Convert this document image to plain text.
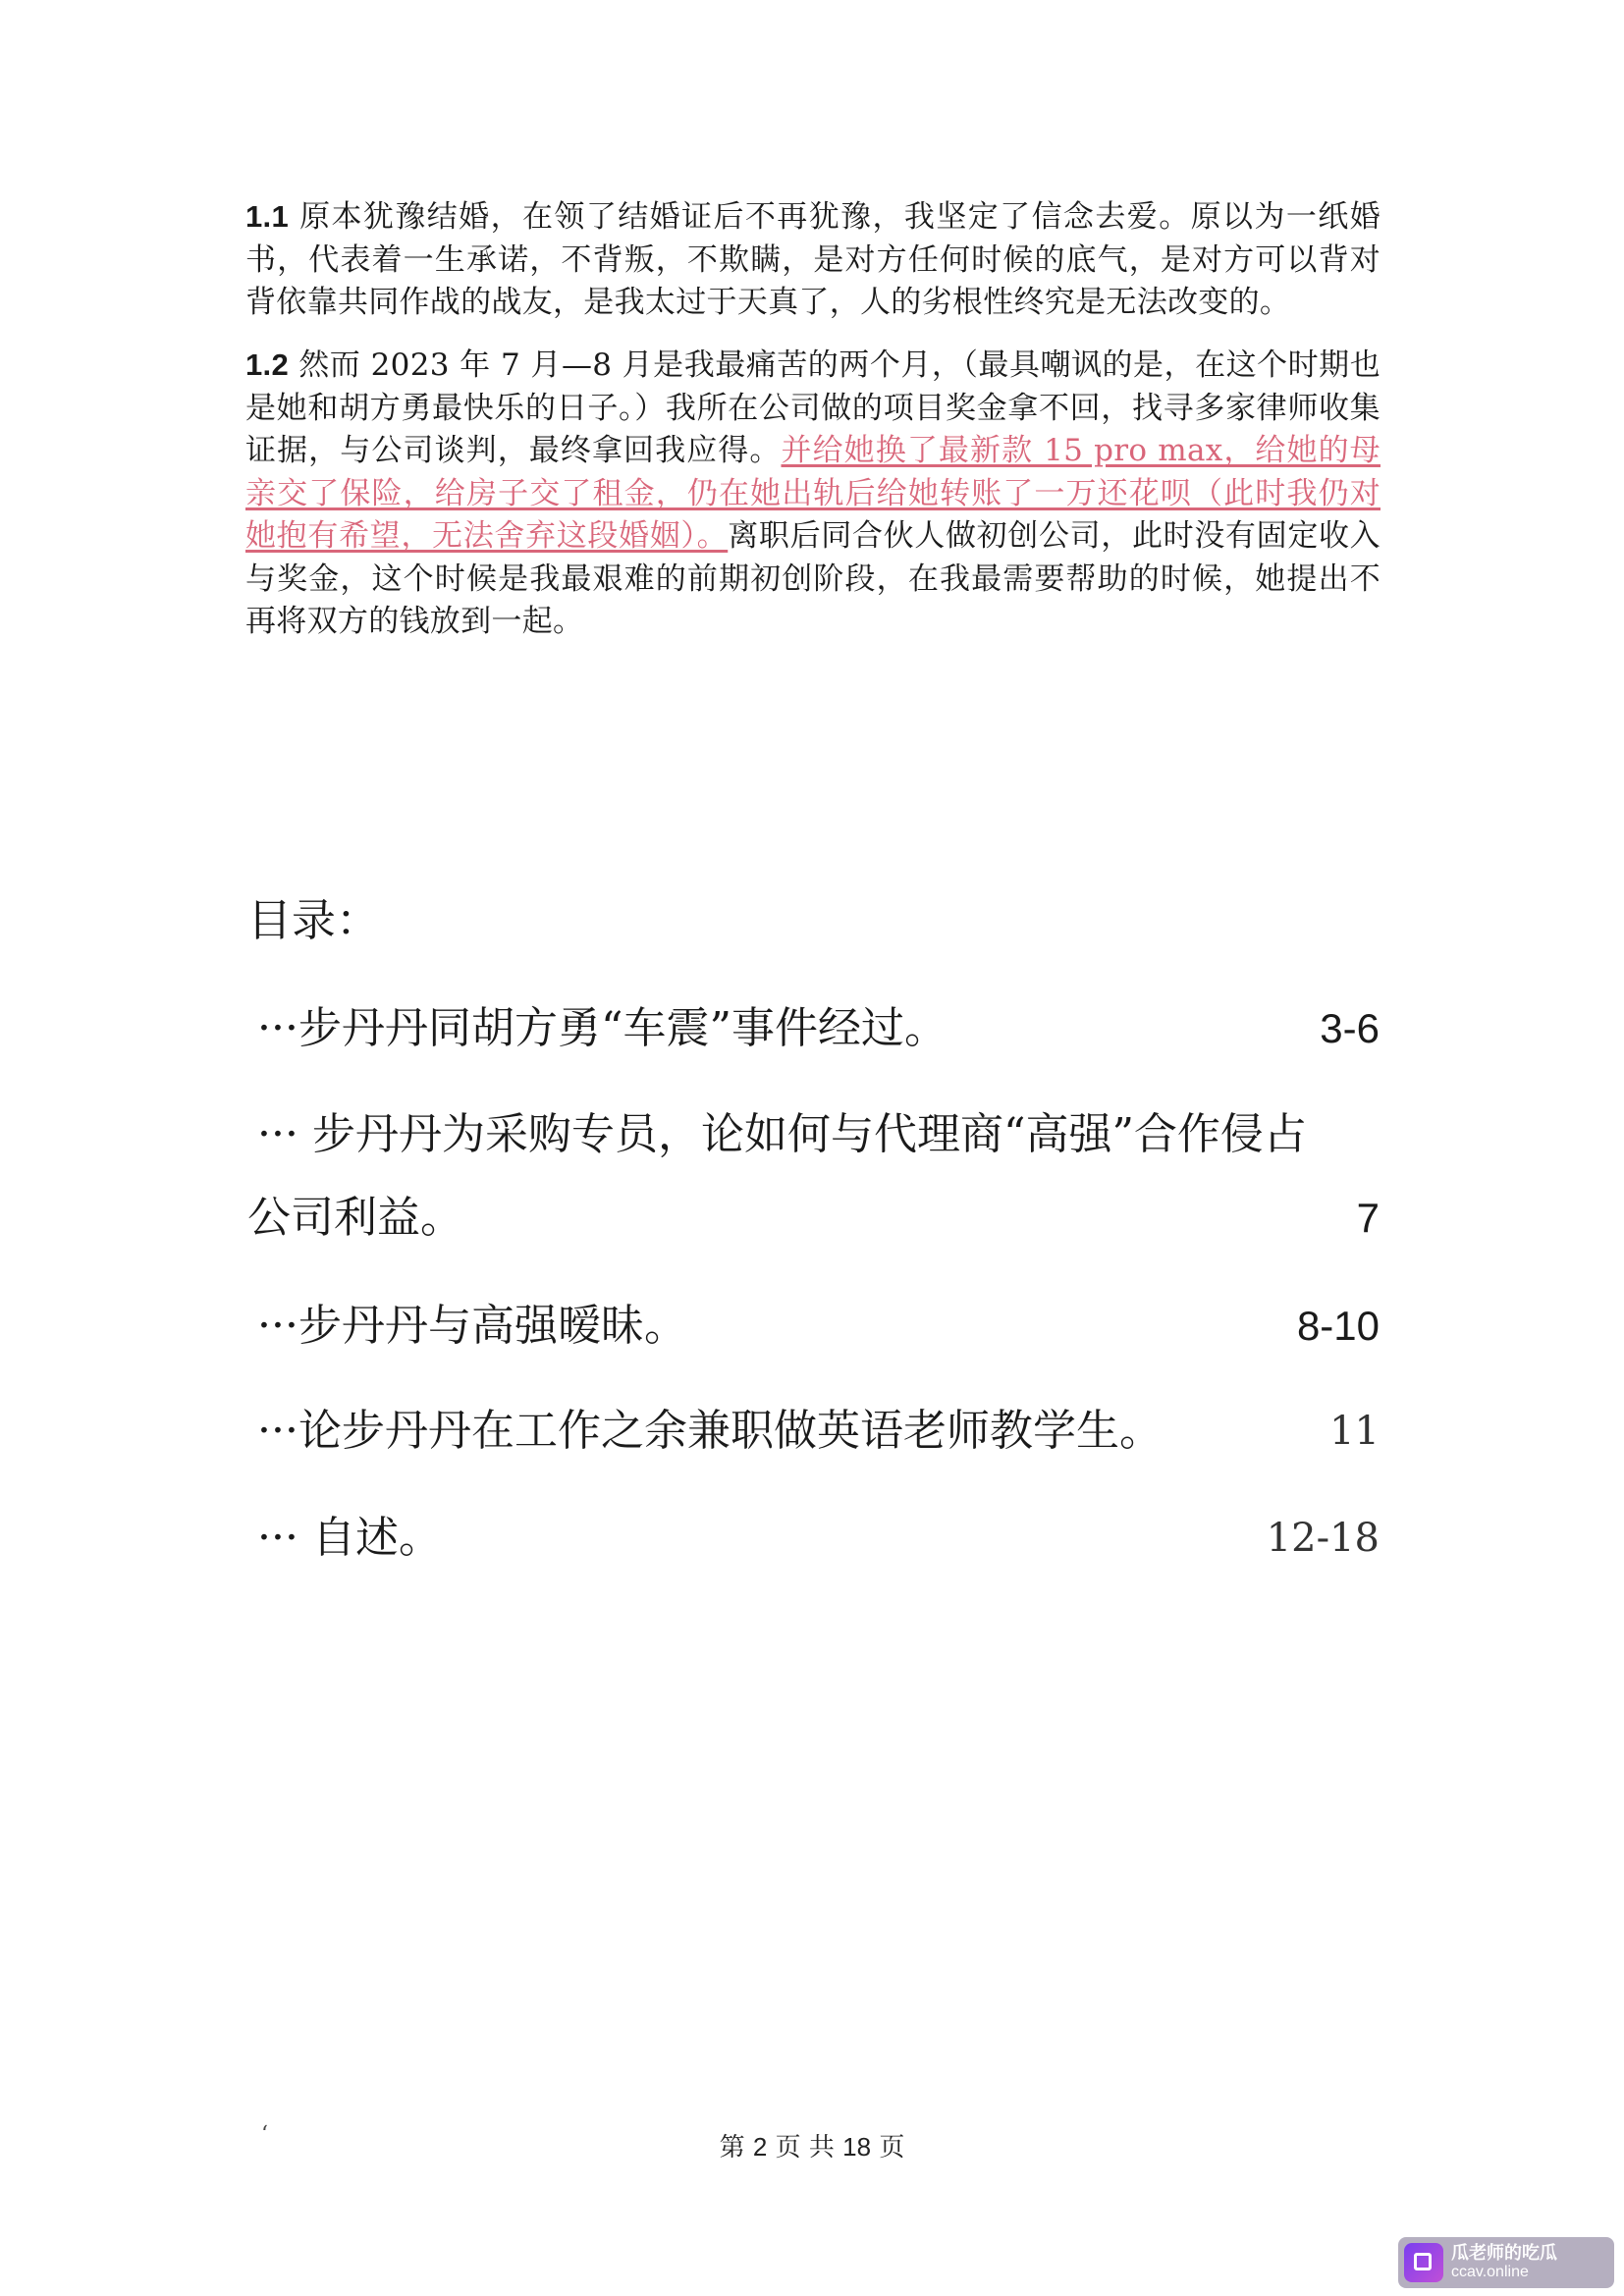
1.1 原本犹豫结婚，在领了结婚证后不再犹豫，我坚定了信念去爱。原以为一纸婚书，代表着一生承诺，不背叛，不欺瞒，是对方任何时候的底气，是对方可以背对背依靠共同作战的战友，是我太过于天真了，人的劣根性终究是无法改变的。
1.2 然而 2023 年 7 月—8 月是我最痛苦的两个月，（最具嘲讽的是，在这个时期也是她和胡方勇最快乐的日子。）我所在公司做的项目奖金拿不回，找寻多家律师收集证据，与公司谈判，最终拿回我应得。并给她换了最新款 15 pro max，给她的母亲交了保险，给房子交了租金，仍在她出轨后给她转账了一万还花呗（此时我仍对她抱有希望，无法舍弃这段婚姻）。离职后同合伙人做初创公司，此时没有固定收入与奖金，这个时候是我最艰难的前期初创阶段，在我最需要帮助的时候，她提出不再将双方的钱放到一起。
目录：
···步丹丹同胡方勇“车震”事件经过。	3-6
··· 步丹丹为采购专员，论如何与代理商“高强”合作侵占
公司利益。	7
···步丹丹与高强暧昧。	8-10
···论步丹丹在工作之余兼职做英语老师教学生。	11
··· 自述。	12-18
‘	第 2 页 共 18 页
瓜老师的吃瓜
ccav.online
